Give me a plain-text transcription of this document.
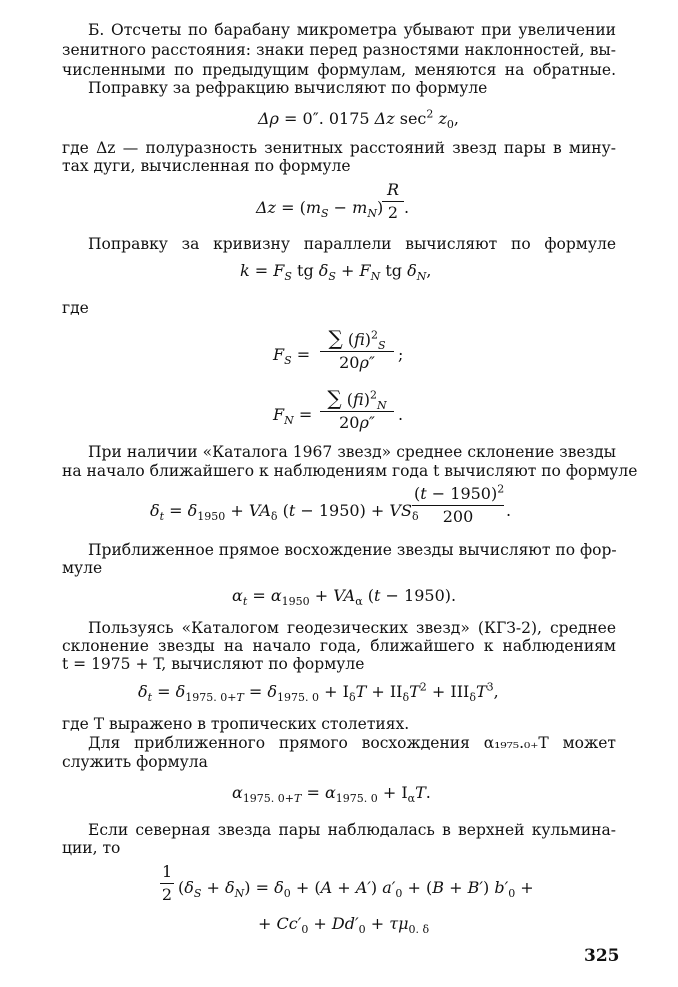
Б. Отсчеты по барабану микрометра убывают при увеличении
зенитного расстояния: знаки перед разностями наклонностей, вы-
численными по предыдущим формулам, меняются на обратные.
Поправку за рефракцию вычисляют по формуле
Δρ = 0″. 0175 Δz $\sec^2 z_0$,
где Δz — полуразность зенитных расстояний звезд пары в мину-
тах дуги, вычисленная по формуле
$\Delta z = (m_S - m_N)$
$\frac{R}{2}$ .
Поправку за кривизну параллели вычисляют по формуле
$k = F_S$ tg $\delta_S + F_N$ tg $\delta_N$,
где
$F_S = \frac{\sum (fi)^2_S}{20\rho''}$ ;
$F_N = \frac{\sum (fi)^2_N}{20\rho''}$ .
При наличии «Каталога 1967 звезд» среднее склонение звезды
на начало ближайшего к наблюдениям года t вычисляют по формуле
$\delta_t = \delta_{1950} + VA_\delta$ $(t - 1950) + VS_\delta$
$\frac{(t - 1950)^2}{200}$ .
Приближенное прямое восхождение звезды вычисляют по фор-
муле
$\alpha_t = \alpha_{1950} + VA_\alpha$ (t − 1950).
Пользуясь «Каталогом геодезических звезд» (КГЗ-2), среднее
склонение звезды на начало года, ближайшего к наблюдениям
t = 1975 + T, вычисляют по формуле
$\delta_t = \delta_{1975. 0+T} = \delta_{1975. 0} + I_\delta T + II_\delta T^2 + III_\delta T^3$,
где T выражено в тропических столетиях.
Для приближенного прямого восхождения α₁₉₇₅.₀₊T может
служить формула
$\alpha_{1975. 0+T} = \alpha_{1975. 0} + I_\alpha T$.
Если северная звезда пары наблюдалась в верхней кульмина-
ции, то
$\frac{1}{2} (\delta_S + \delta_N) = \delta_0 + (A + A') a'_0 + (B + B') b'_0$ +
+ $Cc'_0 + Dd'_0 + \tau\mu_{0. \delta}$
325
